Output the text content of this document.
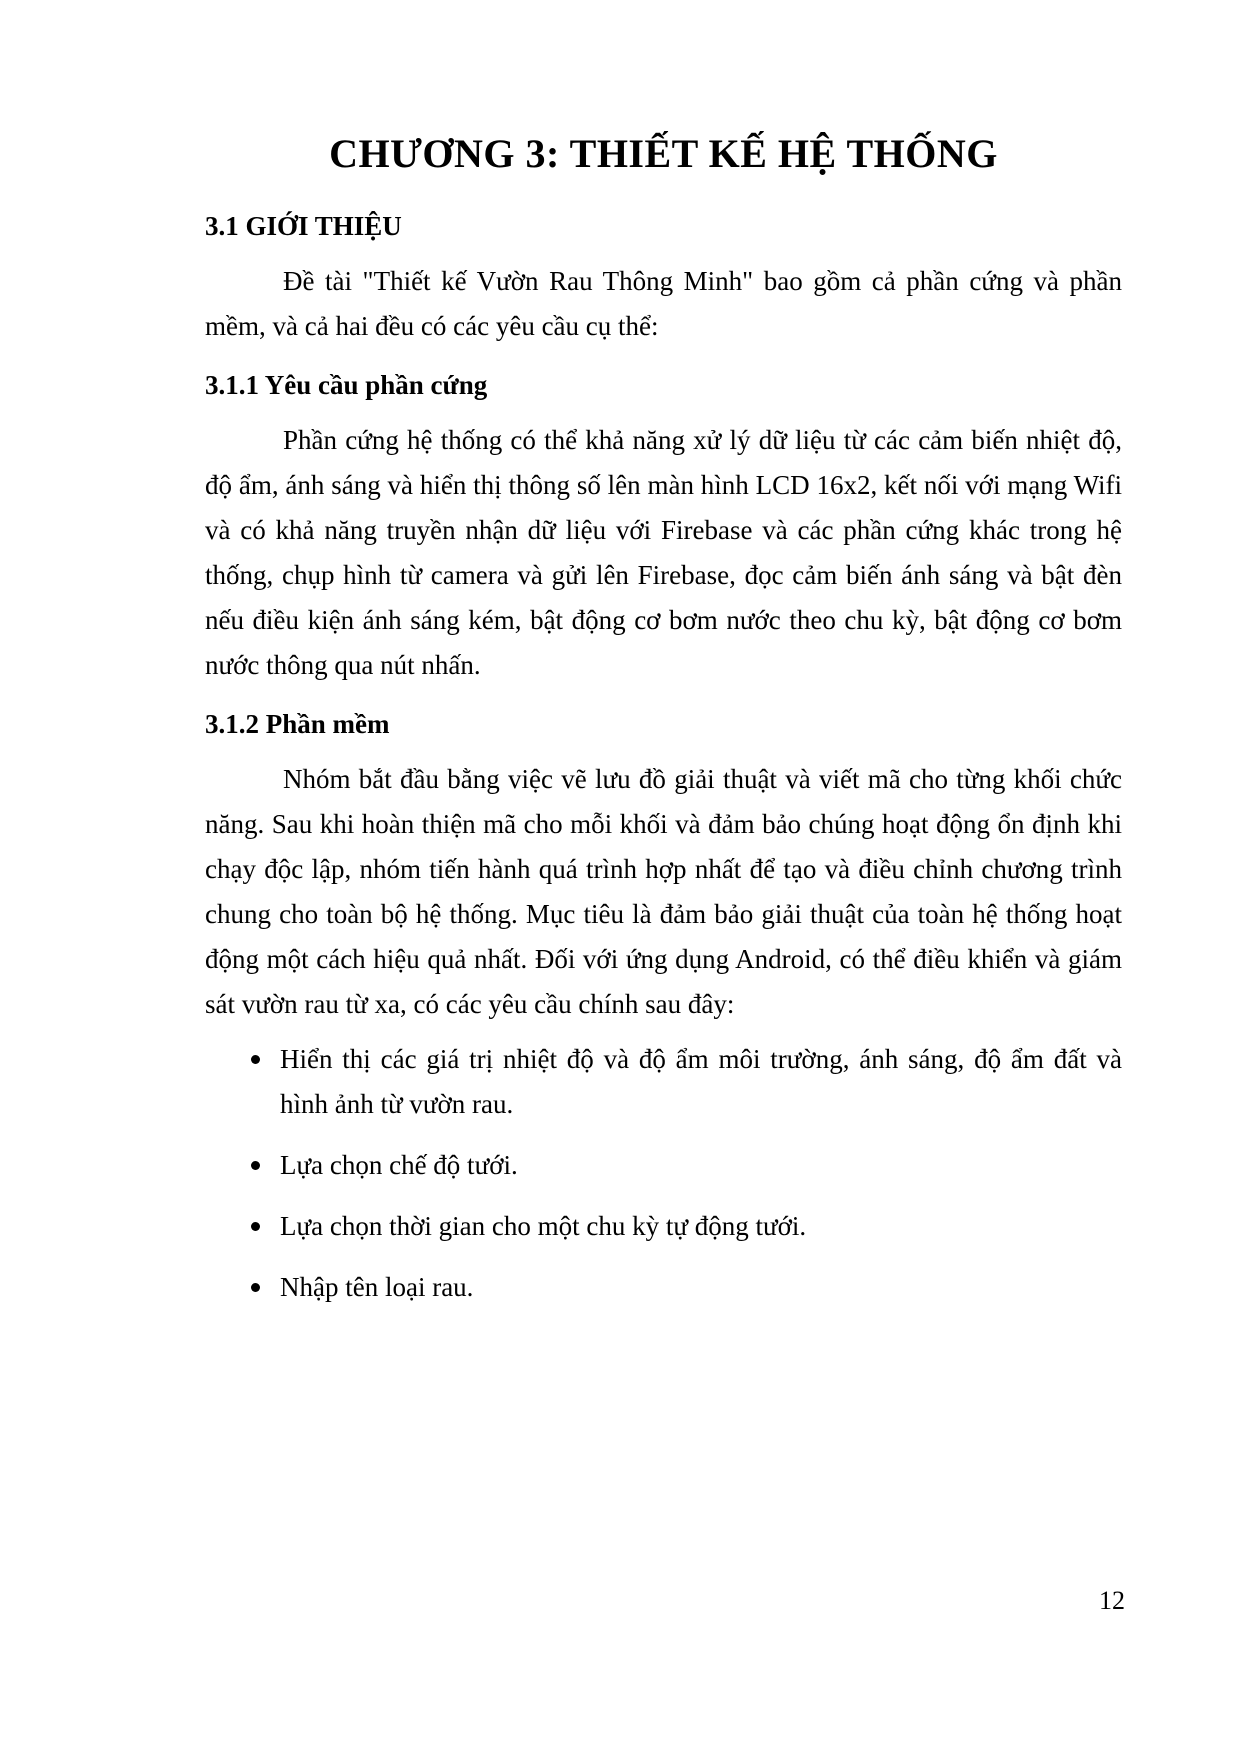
CHƯƠNG 3: THIẾT KẾ HỆ THỐNG
3.1 GIỚI THIỆU

Đề tài "Thiết kế Vườn Rau Thông Minh" bao gồm cả phần cứng và phần mềm, và cả hai đều có các yêu cầu cụ thể:

3.1.1 Yêu cầu phần cứng

Phần cứng hệ thống có thể khả năng xử lý dữ liệu từ các cảm biến nhiệt độ, độ ẩm, ánh sáng và hiển thị thông số lên màn hình LCD 16x2, kết nối với mạng Wifi và có khả năng truyền nhận dữ liệu với Firebase và các phần cứng khác trong hệ thống, chụp hình từ camera và gửi lên Firebase, đọc cảm biến ánh sáng và bật đèn nếu điều kiện ánh sáng kém, bật động cơ bơm nước theo chu kỳ, bật động cơ bơm nước thông qua nút nhấn.

3.1.2 Phần mềm

Nhóm bắt đầu bằng việc vẽ lưu đồ giải thuật và viết mã cho từng khối chức năng. Sau khi hoàn thiện mã cho mỗi khối và đảm bảo chúng hoạt động ổn định khi chạy độc lập, nhóm tiến hành quá trình hợp nhất để tạo và điều chỉnh chương trình chung cho toàn bộ hệ thống. Mục tiêu là đảm bảo giải thuật của toàn hệ thống hoạt động một cách hiệu quả nhất. Đối với ứng dụng Android, có thể điều khiển và giám sát vườn rau từ xa, có các yêu cầu chính sau đây:

Hiển thị các giá trị nhiệt độ và độ ẩm môi trường, ánh sáng, độ ẩm đất và hình ảnh từ vườn rau.
Lựa chọn chế độ tưới.
Lựa chọn thời gian cho một chu kỳ tự động tưới.
Nhập tên loại rau.
12
